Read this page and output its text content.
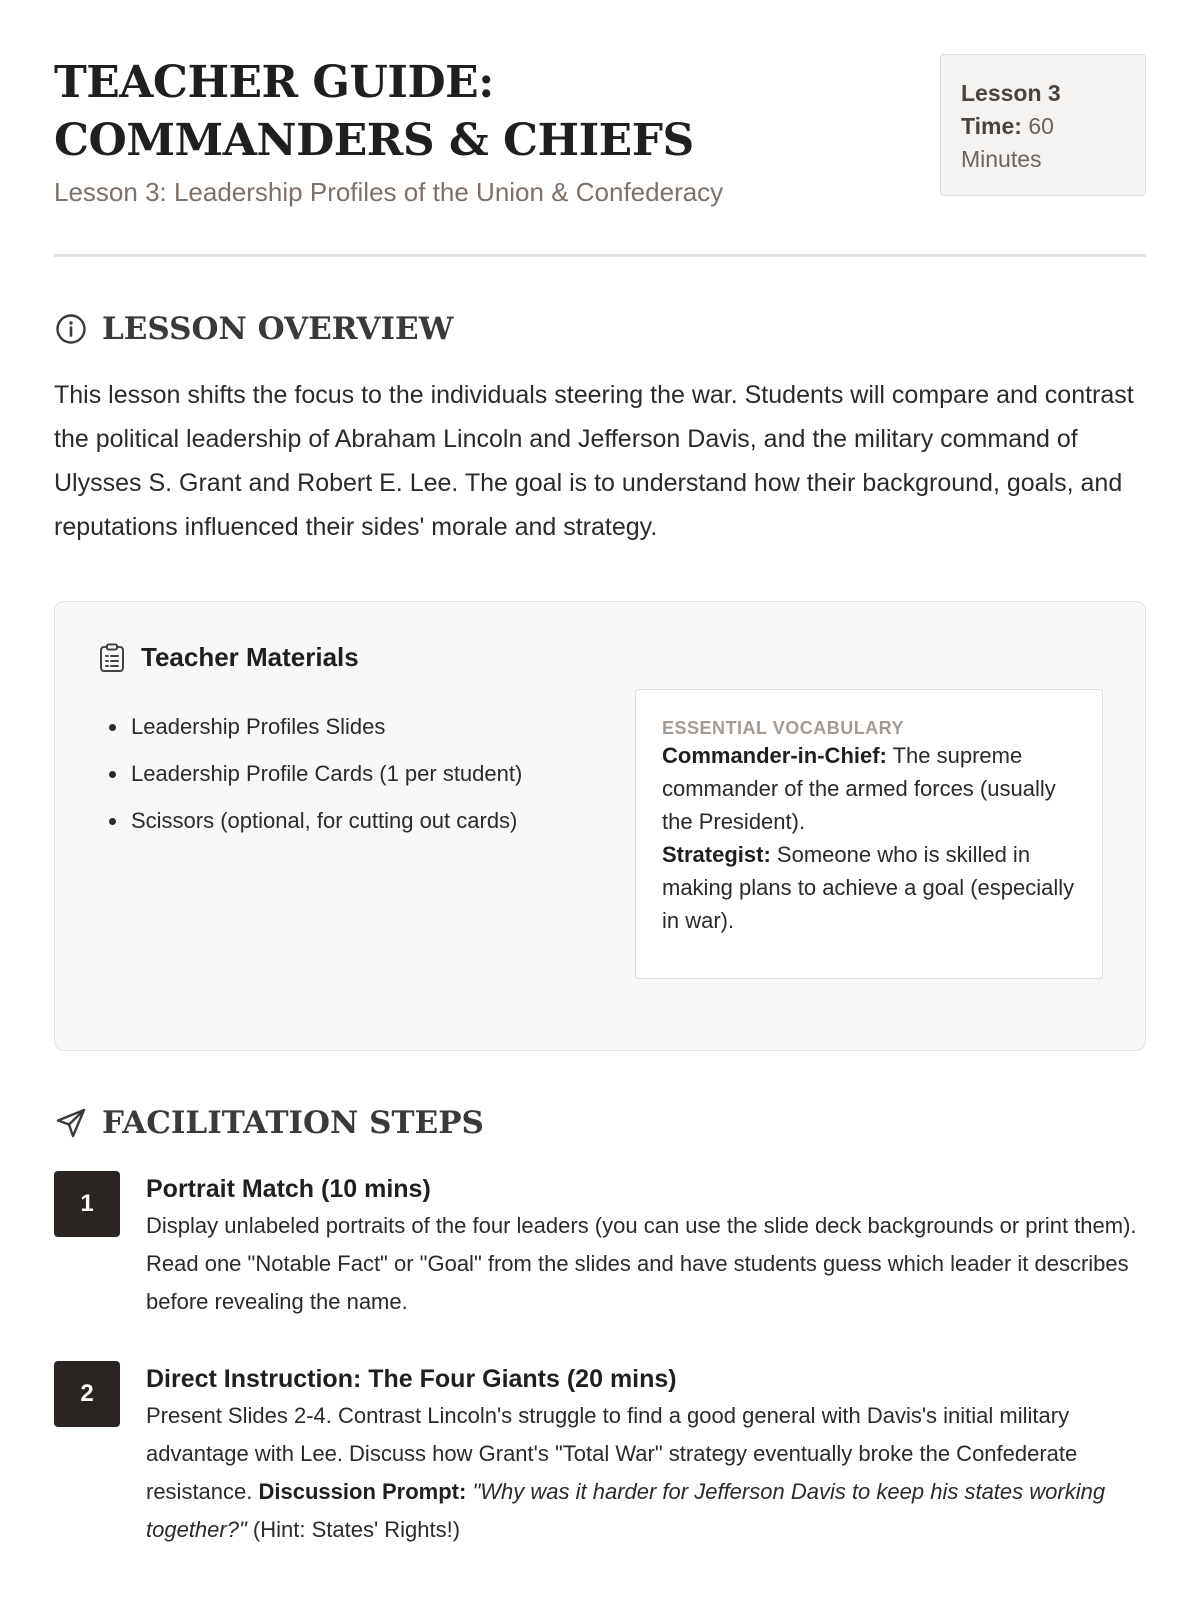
TEACHER GUIDE: COMMANDERS & CHIEFS
Lesson 3: Leadership Profiles of the Union & Confederacy
Lesson 3
Time: 60 Minutes
LESSON OVERVIEW
This lesson shifts the focus to the individuals steering the war. Students will compare and contrast the political leadership of Abraham Lincoln and Jefferson Davis, and the military command of Ulysses S. Grant and Robert E. Lee. The goal is to understand how their background, goals, and reputations influenced their sides' morale and strategy.
Teacher Materials
• Leadership Profiles Slides
• Leadership Profile Cards (1 per student)
• Scissors (optional, for cutting out cards)
ESSENTIAL VOCABULARY
Commander-in-Chief: The supreme commander of the armed forces (usually the President).
Strategist: Someone who is skilled in making plans to achieve a goal (especially in war).
FACILITATION STEPS
1
Portrait Match (10 mins)
Display unlabeled portraits of the four leaders (you can use the slide deck backgrounds or print them). Read one "Notable Fact" or "Goal" from the slides and have students guess which leader it describes before revealing the name.
2
Direct Instruction: The Four Giants (20 mins)
Present Slides 2-4. Contrast Lincoln's struggle to find a good general with Davis's initial military advantage with Lee. Discuss how Grant's "Total War" strategy eventually broke the Confederate resistance. Discussion Prompt: "Why was it harder for Jefferson Davis to keep his states working together?" (Hint: States' Rights!)
